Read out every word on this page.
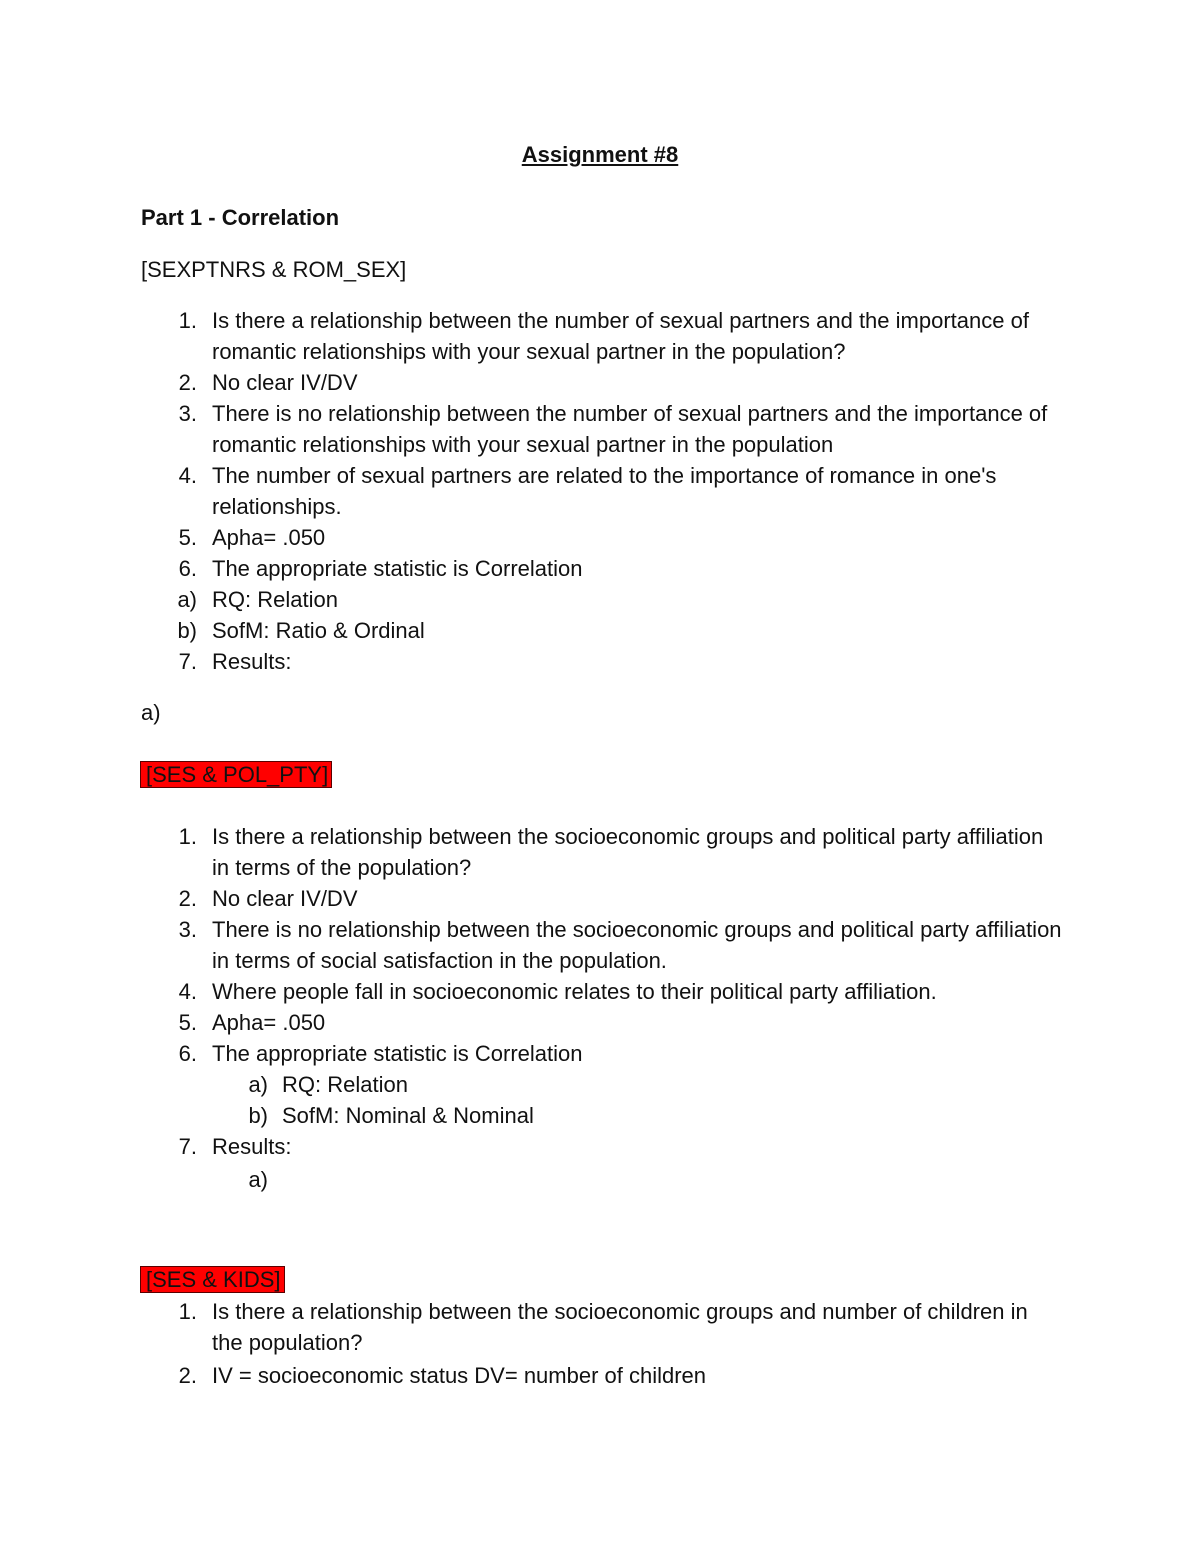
Assignment #8
Part 1 - Correlation

[SEXPTNRS & ROM_SEX]

1. Is there a relationship between the number of sexual partners and the importance of romantic relationships with your sexual partner in the population?
2. No clear IV/DV
3. There is no relationship between the number of sexual partners and the importance of romantic relationships with your sexual partner in the population
4. The number of sexual partners are related to the importance of romance in one's relationships.
5. Apha= .050
6. The appropriate statistic is Correlation
a) RQ: Relation
b) SofM: Ratio & Ordinal
7. Results:

a)

[SES & POL_PTY]

1. Is there a relationship between the socioeconomic groups and political party affiliation in terms of the population?
2. No clear IV/DV
3. There is no relationship between the socioeconomic groups and political party affiliation in terms of social satisfaction in the population.
4. Where people fall in socioeconomic relates to their political party affiliation.
5. Apha= .050
6. The appropriate statistic is Correlation
a) RQ: Relation
b) SofM: Nominal & Nominal
7. Results:
a)

[SES & KIDS]

1. Is there a relationship between the socioeconomic groups and number of children in the population?
2. IV = socioeconomic status DV= number of children
